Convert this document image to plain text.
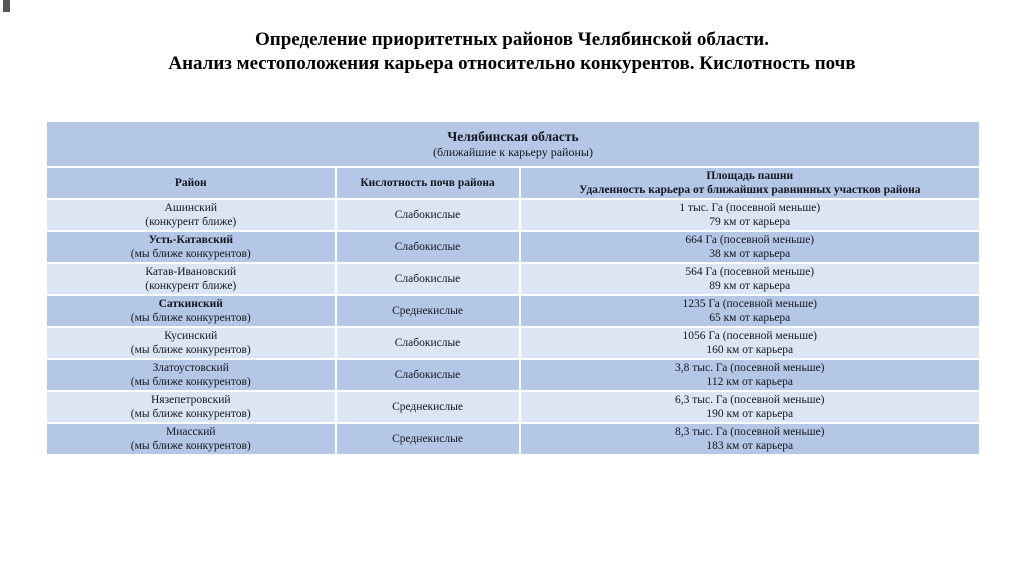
Определение приоритетных районов Челябинской области.
Анализ местоположения карьера относительно конкурентов. Кислотность почв
Челябинская область
(ближайшие к карьеру районы)		

Район	Кислотность почв района	Площадь пашни
Удаленность карьера от ближайших равнинных участков района

Ашинский
(конкурент ближе)
	Слабокислые	
1 тыс. Га (посевной меньше)
79 км от карьера

Усть-Катавский
(мы ближе конкурентов)
	Слабокислые	
664 Га (посевной меньше)
38 км от карьера

Катав-Ивановский
(конкурент ближе)
	Слабокислые	
564 Га (посевной меньше)
89 км от карьера

Саткинский
(мы ближе конкурентов)
	Среднекислые	
1235 Га (посевной меньше)
65 км от карьера

Кусинский
(мы ближе конкурентов)
	Слабокислые	
1056 Га (посевной меньше)
160 км от карьера

Златоустовский
(мы ближе конкурентов)
	Слабокислые	
3,8 тыс. Га (посевной меньше)
112 км от карьера

Нязепетровский
(мы ближе конкурентов)
	Среднекислые	
6,3 тыс. Га (посевной меньше)
190 км от карьера

Миасский
(мы ближе конкурентов)
	Среднекислые	
8,3 тыс. Га (посевной меньше)
183 км от карьера
